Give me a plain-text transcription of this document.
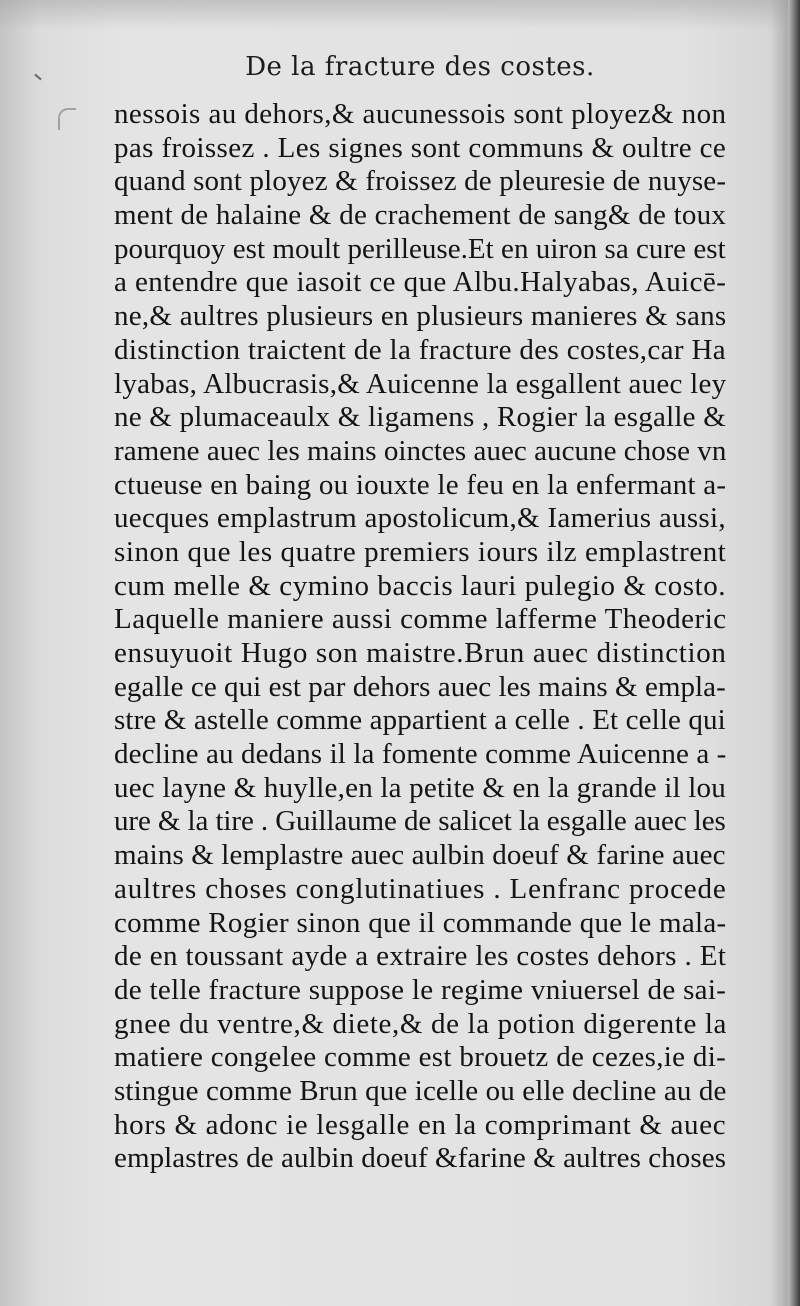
De la fracture des costes.
nessois au dehors,& aucunessois sont ployez& non
pas froissez . Les signes sont communs & oultre ce
quand sont ployez & froissez de pleuresie de nuyse-
ment de halaine & de crachement de sang& de toux
pourquoy est moult perilleuse.Et en uiron sa cure est
a entendre que iasoit ce que Albu.Halyabas, Auicē-
ne,& aultres plusieurs en plusieurs manieres & sans
distinction traictent de la fracture des costes,car Ha
lyabas, Albucrasis,& Auicenne la esgallent auec ley
ne & plumaceaulx & ligamens , Rogier la esgalle &
ramene auec les mains oinctes auec aucune chose vn
ctueuse en baing ou iouxte le feu en la enfermant a-
uecques emplastrum apostolicum,& Iamerius aussi,
sinon que les quatre premiers iours ilz emplastrent
cum melle & cymino baccis lauri pulegio & costo.
Laquelle maniere aussi comme lafferme Theoderic
ensuyuoit Hugo son maistre.Brun auec distinction
egalle ce qui est par dehors auec les mains & empla-
stre & astelle comme appartient a celle . Et celle qui
decline au dedans il la fomente comme Auicenne a -
uec layne & huylle,en la petite & en la grande il lou
ure & la tire . Guillaume de salicet la esgalle auec les
mains & lemplastre auec aulbin doeuf & farine auec
aultres choses conglutinatiues . Lenfranc procede
comme Rogier sinon que il commande que le mala-
de en toussant ayde a extraire les costes dehors . Et
de telle fracture suppose le regime vniuersel de sai-
gnee du ventre,& diete,& de la potion digerente la
matiere congelee comme est brouetz de cezes,ie di-
stingue comme Brun que icelle ou elle decline au de
hors & adonc ie lesgalle en la comprimant & auec
emplastres de aulbin doeuf &farine & aultres choses
